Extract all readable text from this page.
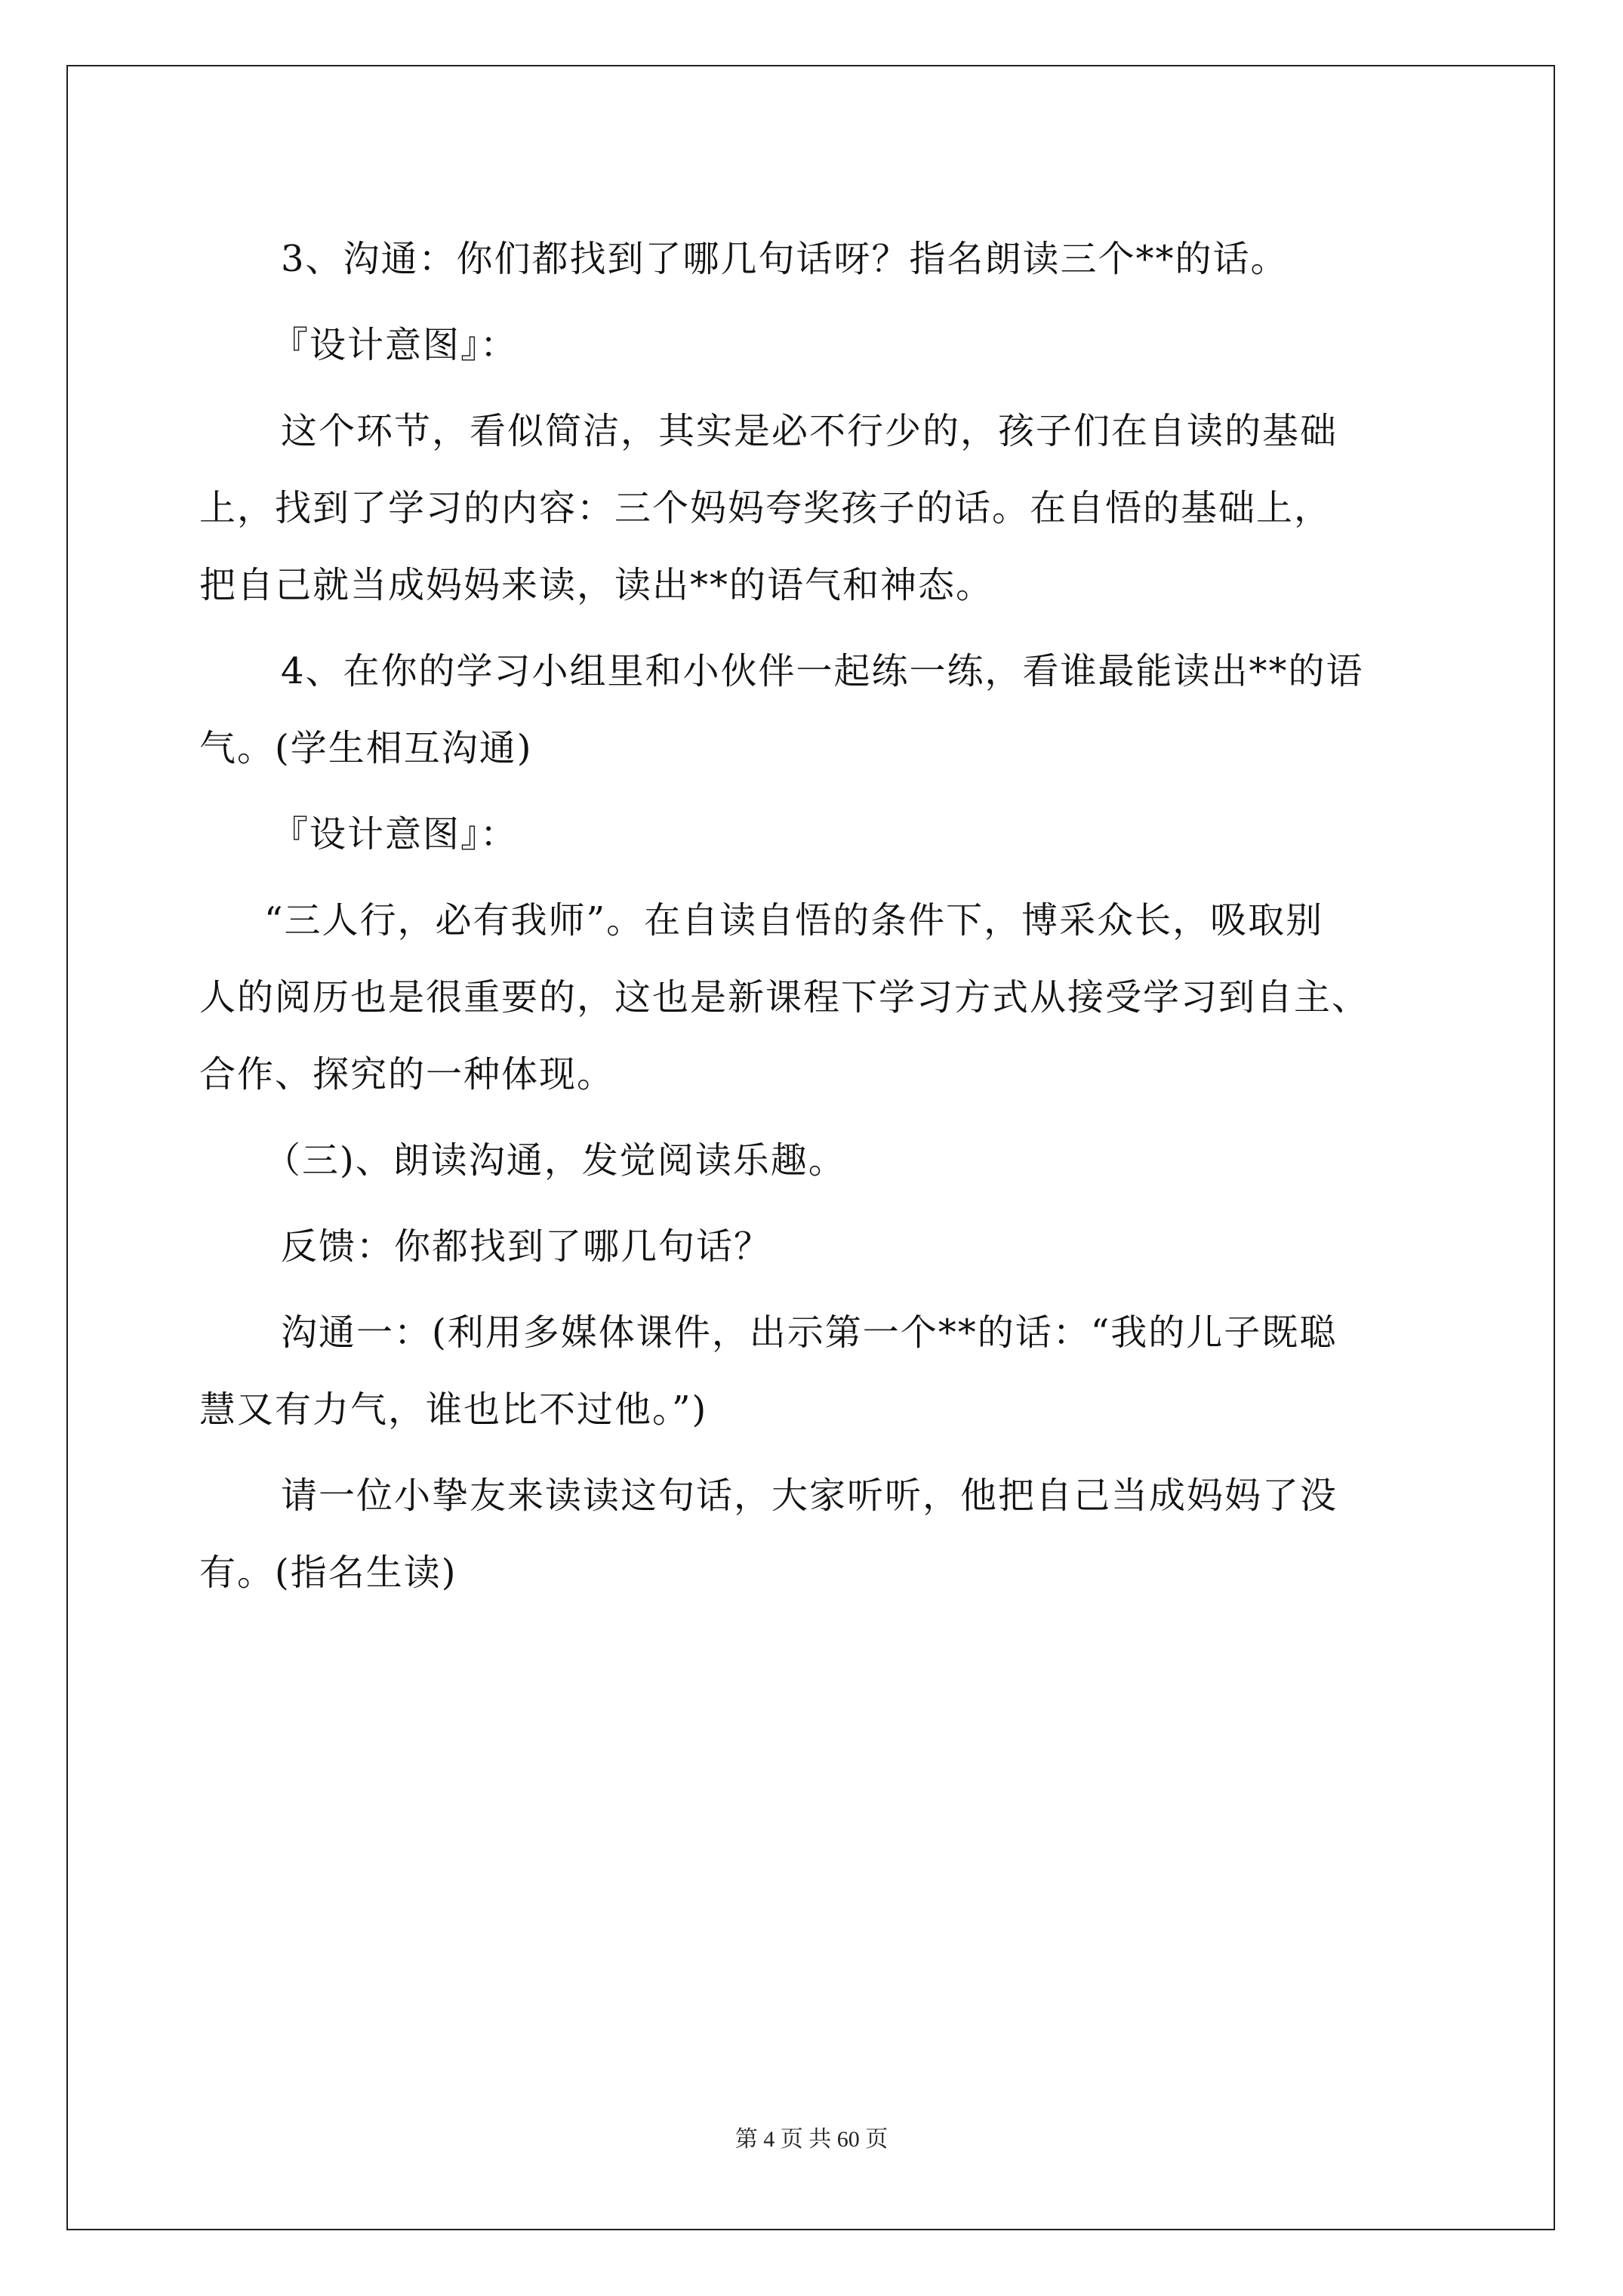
3、沟通：你们都找到了哪几句话呀？指名朗读三个**的话。
『设计意图』：
这个环节，看似简洁，其实是必不行少的，孩子们在自读的基础
上，找到了学习的内容：三个妈妈夸奖孩子的话。在自悟的基础上，
把自己就当成妈妈来读，读出**的语气和神态。
4、在你的学习小组里和小伙伴一起练一练，看谁最能读出**的语
气。(学生相互沟通)
『设计意图』：
“三人行，必有我师”。在自读自悟的条件下，博采众长，吸取别
人的阅历也是很重要的，这也是新课程下学习方式从接受学习到自主、
合作、探究的一种体现。
（三)、朗读沟通，发觉阅读乐趣。
反馈：你都找到了哪几句话？
沟通一：(利用多媒体课件，出示第一个**的话：“我的儿子既聪
慧又有力气，谁也比不过他。”)
请一位小挚友来读读这句话，大家听听，他把自己当成妈妈了没
有。(指名生读)
第 4 页 共 60 页
